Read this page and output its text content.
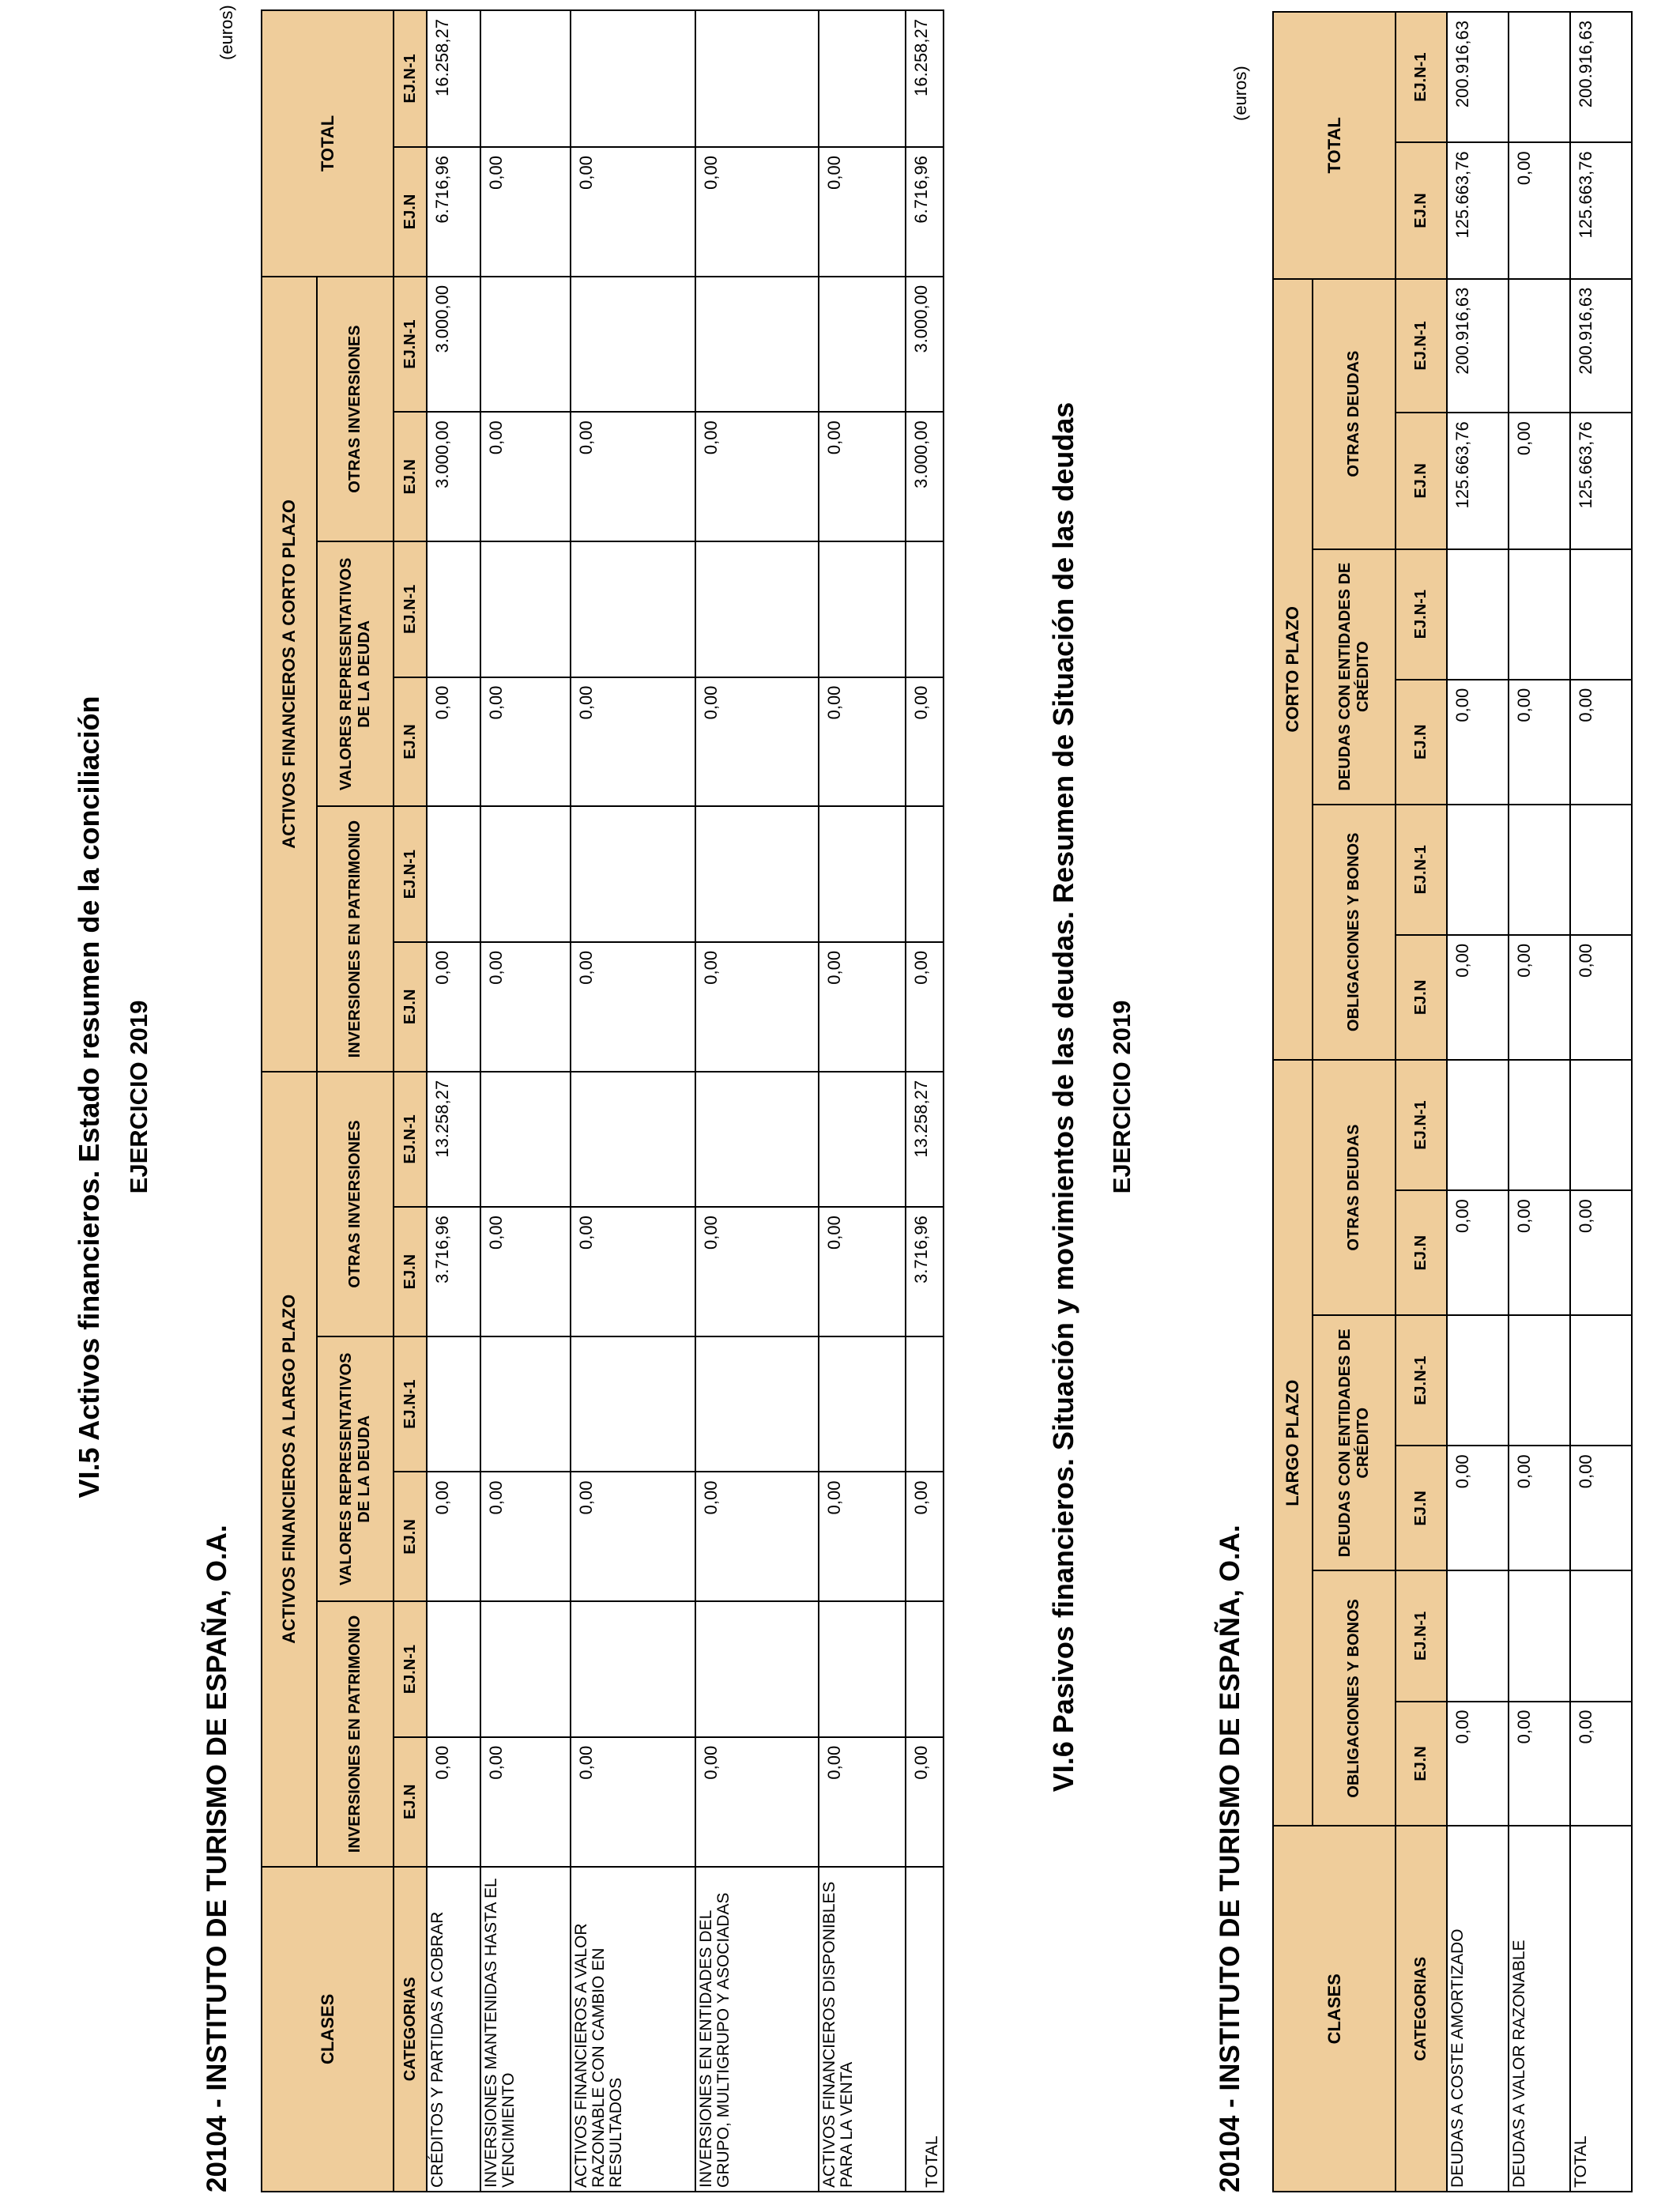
VI.5 Activos financieros. Estado resumen de la conciliación EJERCICIO 2019
20104 - INSTITUTO DE TURISMO DE ESPAÑA, O.A.
(euros)
CLASES	ACTIVOS FINANCIEROS A LARGO PLAZO						ACTIVOS FINANCIEROS A CORTO PLAZO						TOTAL	
	INVERSIONES EN PATRIMONIO		VALORES REPRESENTATIVOS DE LA DEUDA		OTRAS INVERSIONES		INVERSIONES EN PATRIMONIO		VALORES REPRESENTATIVOS DE LA DEUDA		OTRAS INVERSIONES			
CATEGORIAS	EJ.N	EJ.N-1	EJ.N	EJ.N-1	EJ.N	EJ.N-1	EJ.N	EJ.N-1	EJ.N	EJ.N-1	EJ.N	EJ.N-1	EJ.N	EJ.N-1
CRÉDITOS Y PARTIDAS A COBRAR	0,00		0,00		3.716,96	13.258,27	0,00		0,00		3.000,00	3.000,00	6.716,96	16.258,27
INVERSIONES MANTENIDAS HASTA EL VENCIMIENTO	0,00		0,00		0,00		0,00		0,00		0,00		0,00	
ACTIVOS FINANCIEROS A VALOR RAZONABLE CON CAMBIO EN RESULTADOS	0,00		0,00		0,00		0,00		0,00		0,00		0,00	
INVERSIONES EN ENTIDADES DEL GRUPO, MULTIGRUPO Y ASOCIADAS	0,00		0,00		0,00		0,00		0,00		0,00		0,00	
ACTIVOS FINANCIEROS DISPONIBLES PARA LA VENTA	0,00		0,00		0,00		0,00		0,00		0,00		0,00	
TOTAL	0,00		0,00		3.716,96	13.258,27	0,00		0,00		3.000,00	3.000,00	6.716,96	16.258,27
VI.6 Pasivos financieros. Situación y movimientos de las deudas. Resumen de Situación de las deudas EJERCICIO 2019
20104 - INSTITUTO DE TURISMO DE ESPAÑA, O.A.
(euros)
CLASES	LARGO PLAZO						CORTO PLAZO						TOTAL	
	OBLIGACIONES Y BONOS		DEUDAS CON ENTIDADES DE CRÉDITO		OTRAS DEUDAS		OBLIGACIONES Y BONOS		DEUDAS CON ENTIDADES DE CRÉDITO		OTRAS DEUDAS			
CATEGORIAS	EJ.N	EJ.N-1	EJ.N	EJ.N-1	EJ.N	EJ.N-1	EJ.N	EJ.N-1	EJ.N	EJ.N-1	EJ.N	EJ.N-1	EJ.N	EJ.N-1
DEUDAS A COSTE AMORTIZADO	0,00		0,00		0,00		0,00		0,00		125.663,76	200.916,63	125.663,76	200.916,63
DEUDAS A VALOR RAZONABLE	0,00		0,00		0,00		0,00		0,00		0,00		0,00	
TOTAL	0,00		0,00		0,00		0,00		0,00		125.663,76	200.916,63	125.663,76	200.916,63
